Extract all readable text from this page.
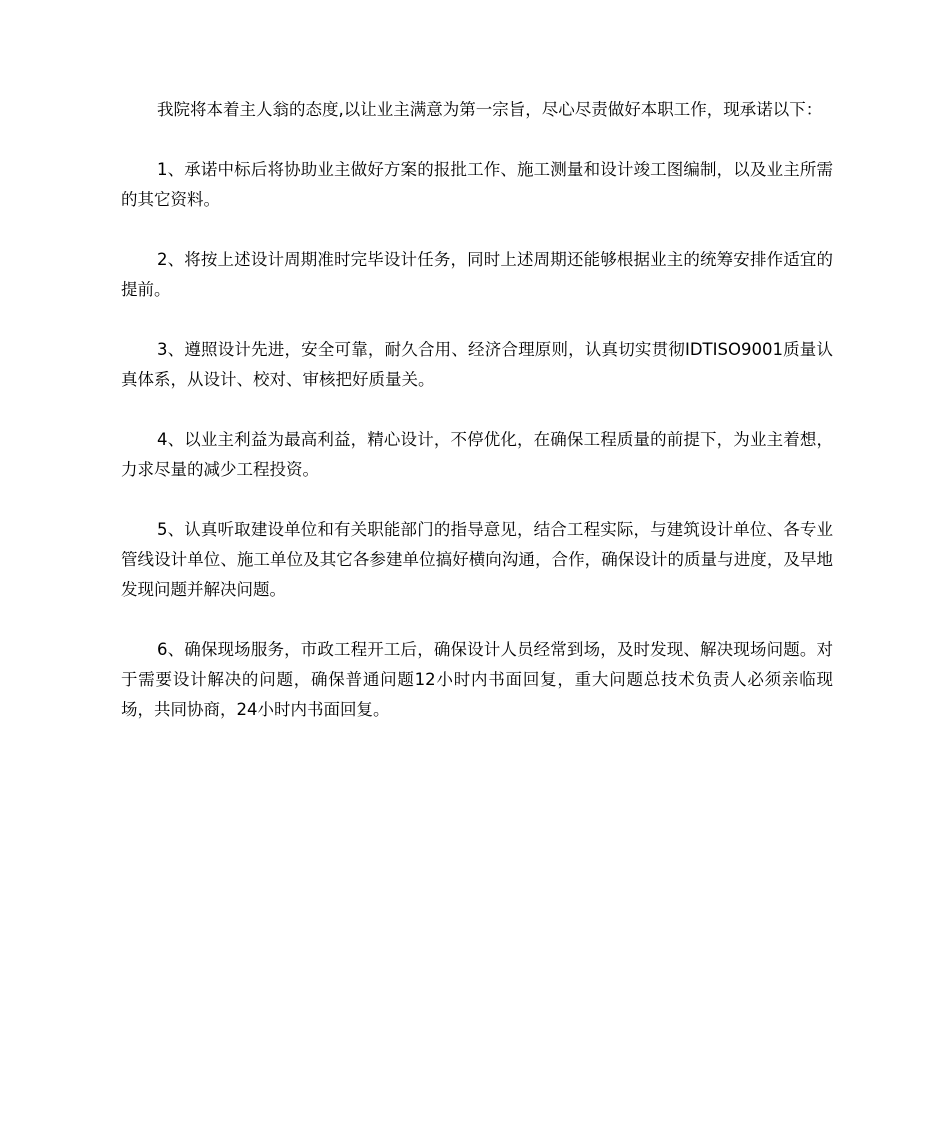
我院将本着主人翁的态度,以让业主满意为第一宗旨，尽心尽责做好本职工作，现承诺以下：

1、承诺中标后将协助业主做好方案的报批工作、施工测量和设计竣工图编制，以及业主所需的其它资料。

2、将按上述设计周期准时完毕设计任务，同时上述周期还能够根据业主的统筹安排作适宜的提前。

3、遵照设计先进，安全可靠，耐久合用、经济合理原则，认真切实贯彻IDTISO9001质量认真体系，从设计、校对、审核把好质量关。

4、以业主利益为最高利益，精心设计，不停优化，在确保工程质量的前提下，为业主着想，力求尽量的减少工程投资。

5、认真听取建设单位和有关职能部门的指导意见，结合工程实际，与建筑设计单位、各专业管线设计单位、施工单位及其它各参建单位搞好横向沟通，合作，确保设计的质量与进度，及早地发现问题并解决问题。

6、确保现场服务，市政工程开工后，确保设计人员经常到场，及时发现、解决现场问题。对于需要设计解决的问题，确保普通问题12小时内书面回复，重大问题总技术负责人必须亲临现场，共同协商，24小时内书面回复。
